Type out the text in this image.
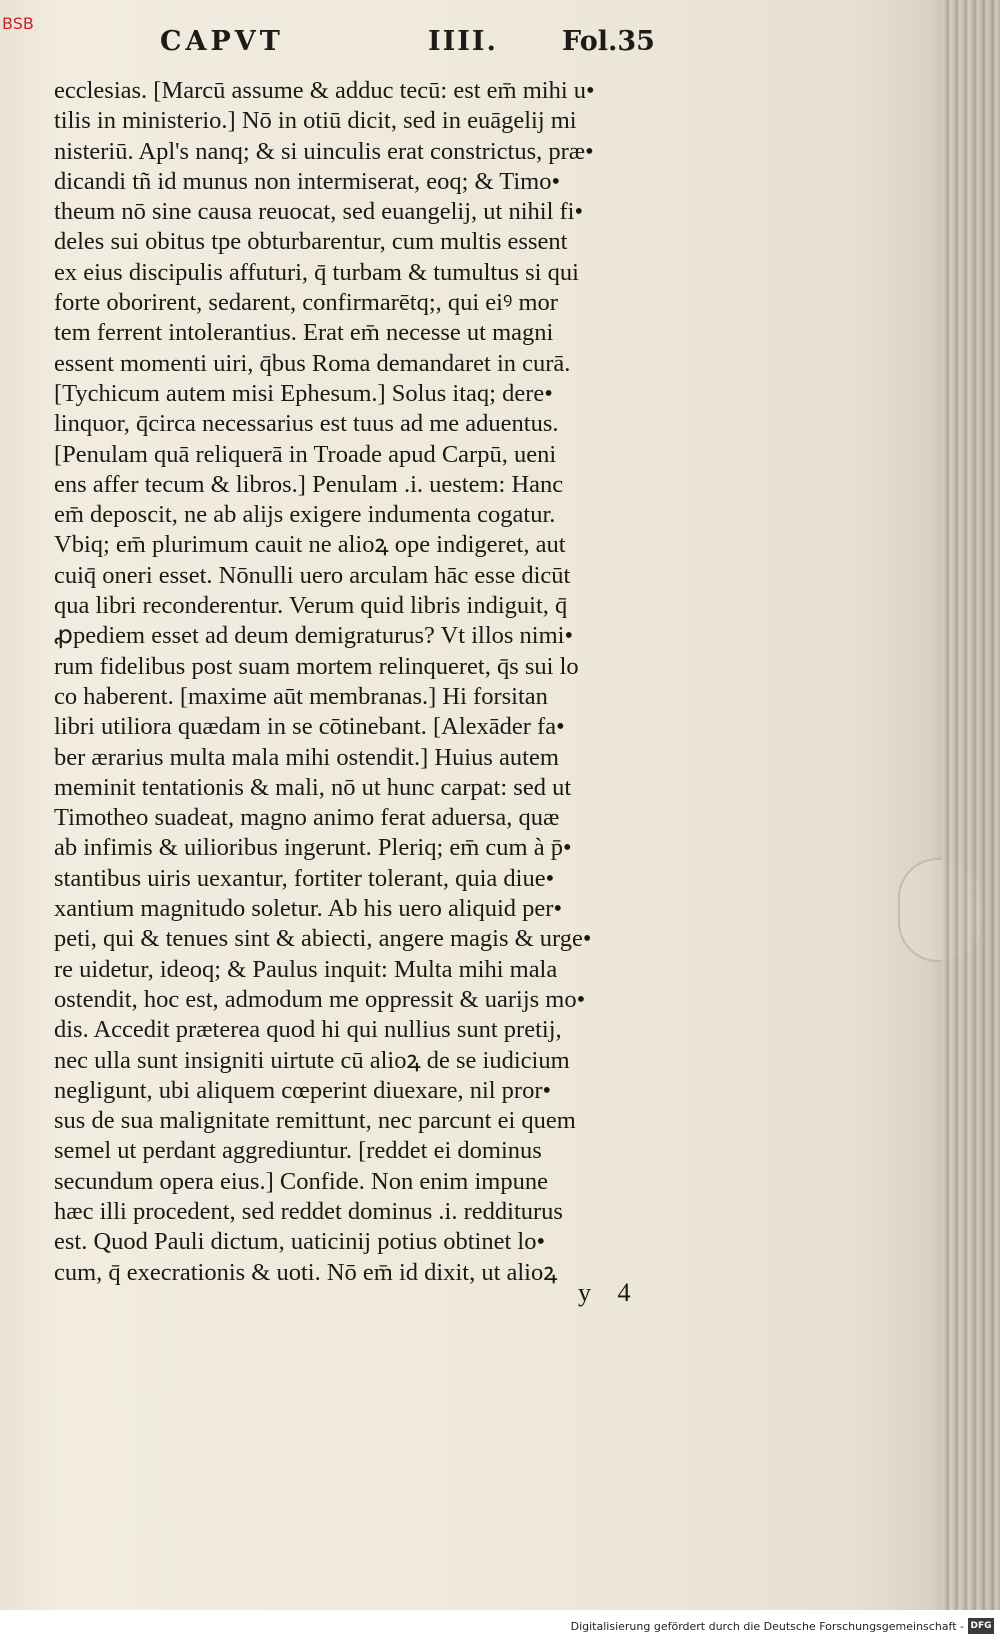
BSB
CAPVT	IIII. Fol.35
ecclesias. [Marcū assume & adduc tecū: est em̄ mihi u•
tilis in ministerio.] Nō in otiū dicit, sed in euāgelij mi
nisteriū. Apl's nanq; & si uinculis erat constrictus, præ•
dicandi tñ id munus non intermiserat, eoq; & Timo•
theum nō sine causa reuocat, sed euangelij, ut nihil fi•
deles sui obitus tpe obturbarentur, cum multis essent
ex eius discipulis affuturi, q̄ turbam & tumultus si qui
forte oborirent, sedarent, confirmarētq;, qui eiꝰ mor
tem ferrent intolerantius. Erat em̄ necesse ut magni
essent momenti uiri, q̄bus Roma demandaret in curā.
[Tychicum autem misi Ephesum.] Solus itaq; dere•
linquor, q̄circa necessarius est tuus ad me aduentus.
[Penulam quā reliquerā in Troade apud Carpū, ueni
ens affer tecum & libros.] Penulam .i. uestem: Hanc
em̄ deposcit, ne ab alijs exigere indumenta cogatur.
Vbiq; em̄ plurimum cauit ne alioꝝ ope indigeret, aut
cuiq̄ oneri esset. Nōnulli uero arculam hāc esse dicūt
qua libri reconderentur. Verum quid libris indiguit, q̄
ꝓpediem esset ad deum demigraturus? Vt illos nimi•
rum fidelibus post suam mortem relinqueret, q̄s sui lo
co haberent. [maxime aūt membranas.] Hi forsitan
libri utiliora quædam in se cōtinebant. [Alexāder fa•
ber ærarius multa mala mihi ostendit.] Huius autem
meminit tentationis & mali, nō ut hunc carpat: sed ut
Timotheo suadeat, magno animo ferat aduersa, quæ
ab infimis & uilioribus ingerunt. Pleriq; em̄ cum à p̄•
stantibus uiris uexantur, fortiter tolerant, quia diue•
xantium magnitudo soletur. Ab his uero aliquid per•
peti, qui & tenues sint & abiecti, angere magis & urge•
re uidetur, ideoq; & Paulus inquit: Multa mihi mala
ostendit, hoc est, admodum me oppressit & uarijs mo•
dis. Accedit præterea quod hi qui nullius sunt pretij,
nec ulla sunt insigniti uirtute cū alioꝝ de se iudicium
negligunt, ubi aliquem cœperint diuexare, nil pror•
sus de sua malignitate remittunt, nec parcunt ei quem
semel ut perdant aggrediuntur. [reddet ei dominus
secundum opera eius.] Confide. Non enim impune
hæc illi procedent, sed reddet dominus .i. redditurus
est. Quod Pauli dictum, uaticinij potius obtinet lo•
cum, q̄ execrationis & uoti. Nō em̄ id dixit, ut alioꝝ
y 4
Digitalisierung gefördert durch die Deutsche Forschungsgemeinschaft - DFG
